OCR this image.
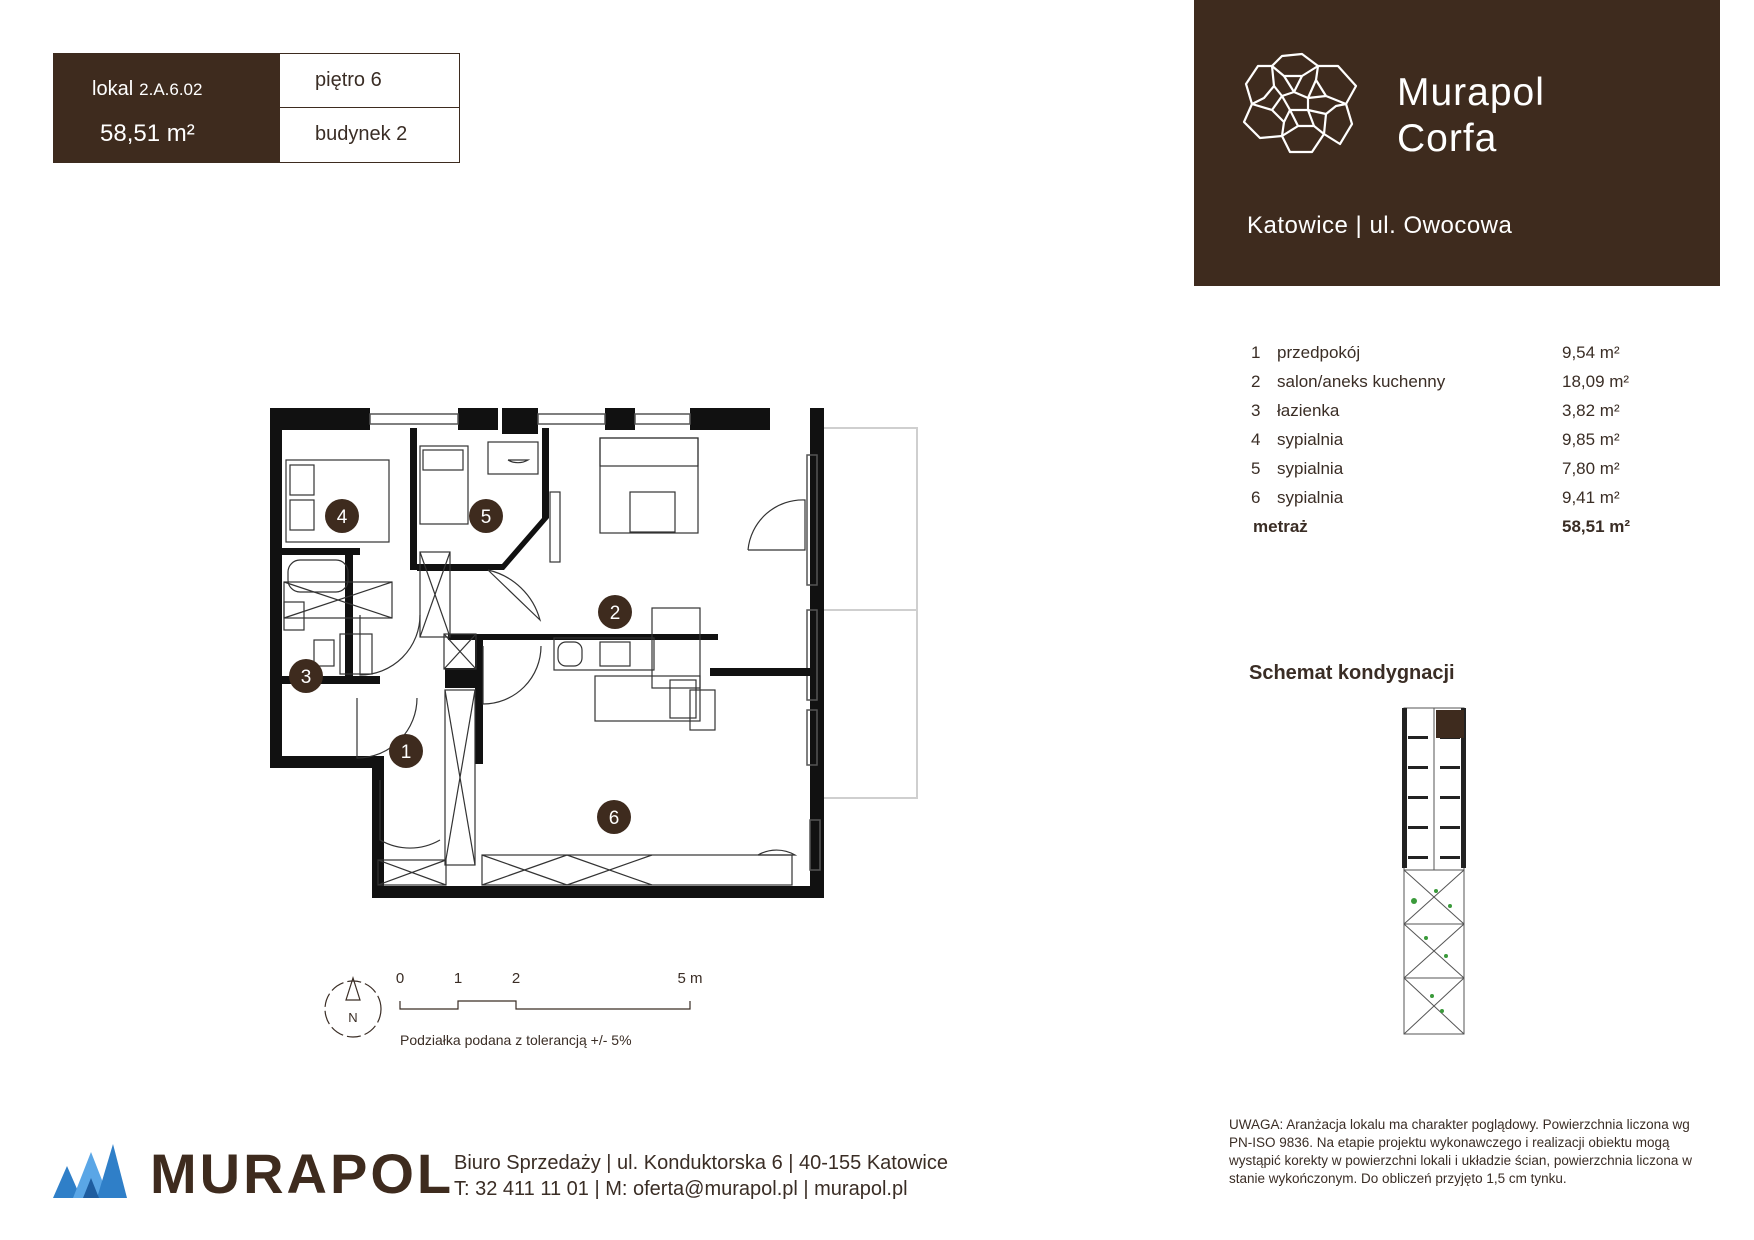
lokal 2.A.6.02
58,51 m²
piętro 6
budynek 2
Murapol
Corfa
Katowice | ul. Owocowa
1 przedpokój	9,54 m²
2 salon/aneks kuchenny	18,09 m²
3 łazienka	3,82 m²
4 sypialnia	9,85 m²
5 sypialnia	7,80 m²
6 sypialnia	9,41 m²
metraż	58,51 m²
4	5
2
3
1
6
N
0	1	2	5 m
Podziałka podana z tolerancją +/- 5%
Schemat kondygnacji
UWAGA: Aranżacja lokalu ma charakter poglądowy. Powierzchnia liczona wg PN-ISO 9836. Na etapie projektu wykonawczego i realizacji obiektu mogą wystąpić korekty w powierzchni lokali i układzie ścian, powierzchnia liczona w stanie wykończonym. Do obliczeń przyjęto 1,5 cm tynku.
MURAPOL Biuro Sprzedaży | ul. Konduktorska 6 | 40-155 Katowice
T: 32 411 11 01 | M: oferta@murapol.pl | murapol.pl
